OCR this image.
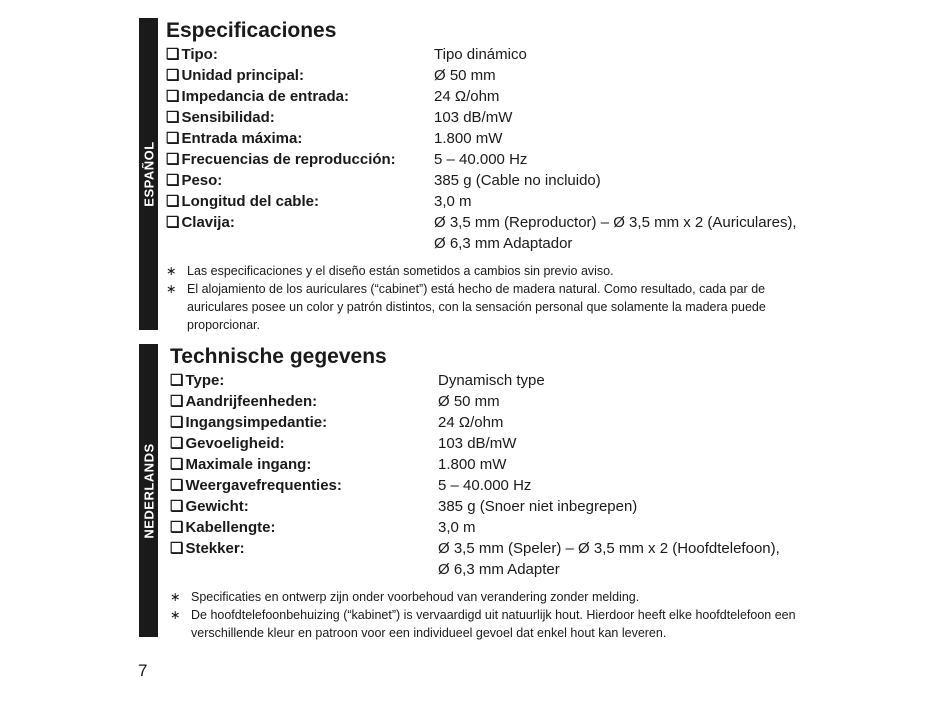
ESPAÑOL
Especificaciones
❏ Tipo:	Tipo dinámico
❏ Unidad principal:	Ø 50 mm
❏ Impedancia de entrada:	24 Ω/ohm
❏ Sensibilidad:	103 dB/mW
❏ Entrada máxima:	1.800 mW
❏ Frecuencias de reproducción:	5 – 40.000 Hz
❏ Peso:	385 g (Cable no incluido)
❏ Longitud del cable:	3,0 m
❏ Clavija:	Ø 3,5 mm (Reproductor) – Ø 3,5 mm x 2 (Auriculares),
Ø 6,3 mm Adaptador
∗ Las especificaciones y el diseño están sometidos a cambios sin previo aviso.
∗ El alojamiento de los auriculares (“cabinet”) está hecho de madera natural. Como resultado, cada par de auriculares posee un color y patrón distintos, con la sensación personal que solamente la madera puede proporcionar.
NEDERLANDS
Technische gegevens
❏ Type:	Dynamisch type
❏ Aandrijfeenheden:	Ø 50 mm
❏ Ingangsimpedantie:	24 Ω/ohm
❏ Gevoeligheid:	103 dB/mW
❏ Maximale ingang:	1.800 mW
❏ Weergavefrequenties:	5 – 40.000 Hz
❏ Gewicht:	385 g (Snoer niet inbegrepen)
❏ Kabellengte:	3,0 m
❏ Stekker:	Ø 3,5 mm (Speler) – Ø 3,5 mm x 2 (Hoofdtelefoon),
Ø 6,3 mm Adapter
∗ Specificaties en ontwerp zijn onder voorbehoud van verandering zonder melding.
∗ De hoofdtelefoonbehuizing (“kabinet”) is vervaardigd uit natuurlijk hout. Hierdoor heeft elke hoofdtelefoon een verschillende kleur en patroon voor een individueel gevoel dat enkel hout kan leveren.
7
